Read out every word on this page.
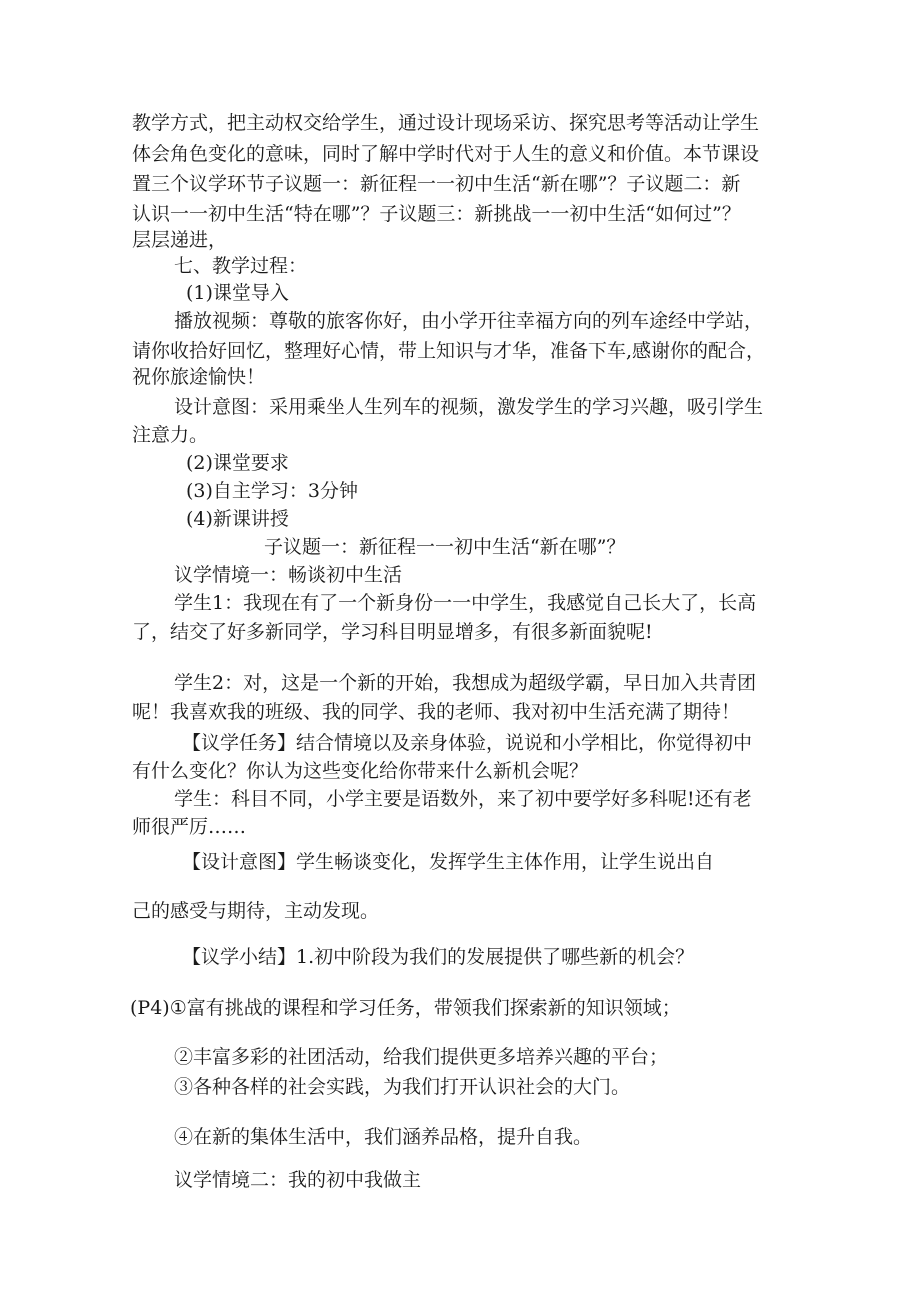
教学方式，把主动权交给学生，通过设计现场采访、探究思考等活动让学生

体会角色变化的意味，同时了解中学时代对于人生的意义和价值。本节课设

置三个议学环节子议题一：新征程一一初中生活“新在哪”？子议题二：新

认识一一初中生活“特在哪”？子议题三：新挑战一一初中生活“如何过”？

层层递进，

七、教学过程：

(1)课堂导入

播放视频：尊敬的旅客你好，由小学开往幸福方向的列车途经中学站，

请你收拾好回忆，整理好心情，带上知识与才华，准备下车,感谢你的配合，

祝你旅途愉快！

设计意图：采用乘坐人生列车的视频，激发学生的学习兴趣，吸引学生

注意力。

(2)课堂要求

(3)自主学习：3分钟

(4)新课讲授

子议题一：新征程一一初中生活“新在哪”？

议学情境一：畅谈初中生活

学生1：我现在有了一个新身份一一中学生，我感觉自己长大了，长高

了，结交了好多新同学，学习科目明显增多，有很多新面貌呢!

学生2：对，这是一个新的开始，我想成为超级学霸，早日加入共青团

呢！我喜欢我的班级、我的同学、我的老师、我对初中生活充满了期待！

【议学任务】结合情境以及亲身体验，说说和小学相比，你觉得初中

有什么变化？你认为这些变化给你带来什么新机会呢？

学生：科目不同，小学主要是语数外，来了初中要学好多科呢!还有老

师很严厉……

【设计意图】学生畅谈变化，发挥学生主体作用，让学生说出自

己的感受与期待，主动发现。

【议学小结】1.初中阶段为我们的发展提供了哪些新的机会？

(P4)①富有挑战的课程和学习任务，带领我们探索新的知识领域；

②丰富多彩的社团活动，给我们提供更多培养兴趣的平台；

③各种各样的社会实践，为我们打开认识社会的大门。

④在新的集体生活中，我们涵养品格，提升自我。

议学情境二：我的初中我做主
